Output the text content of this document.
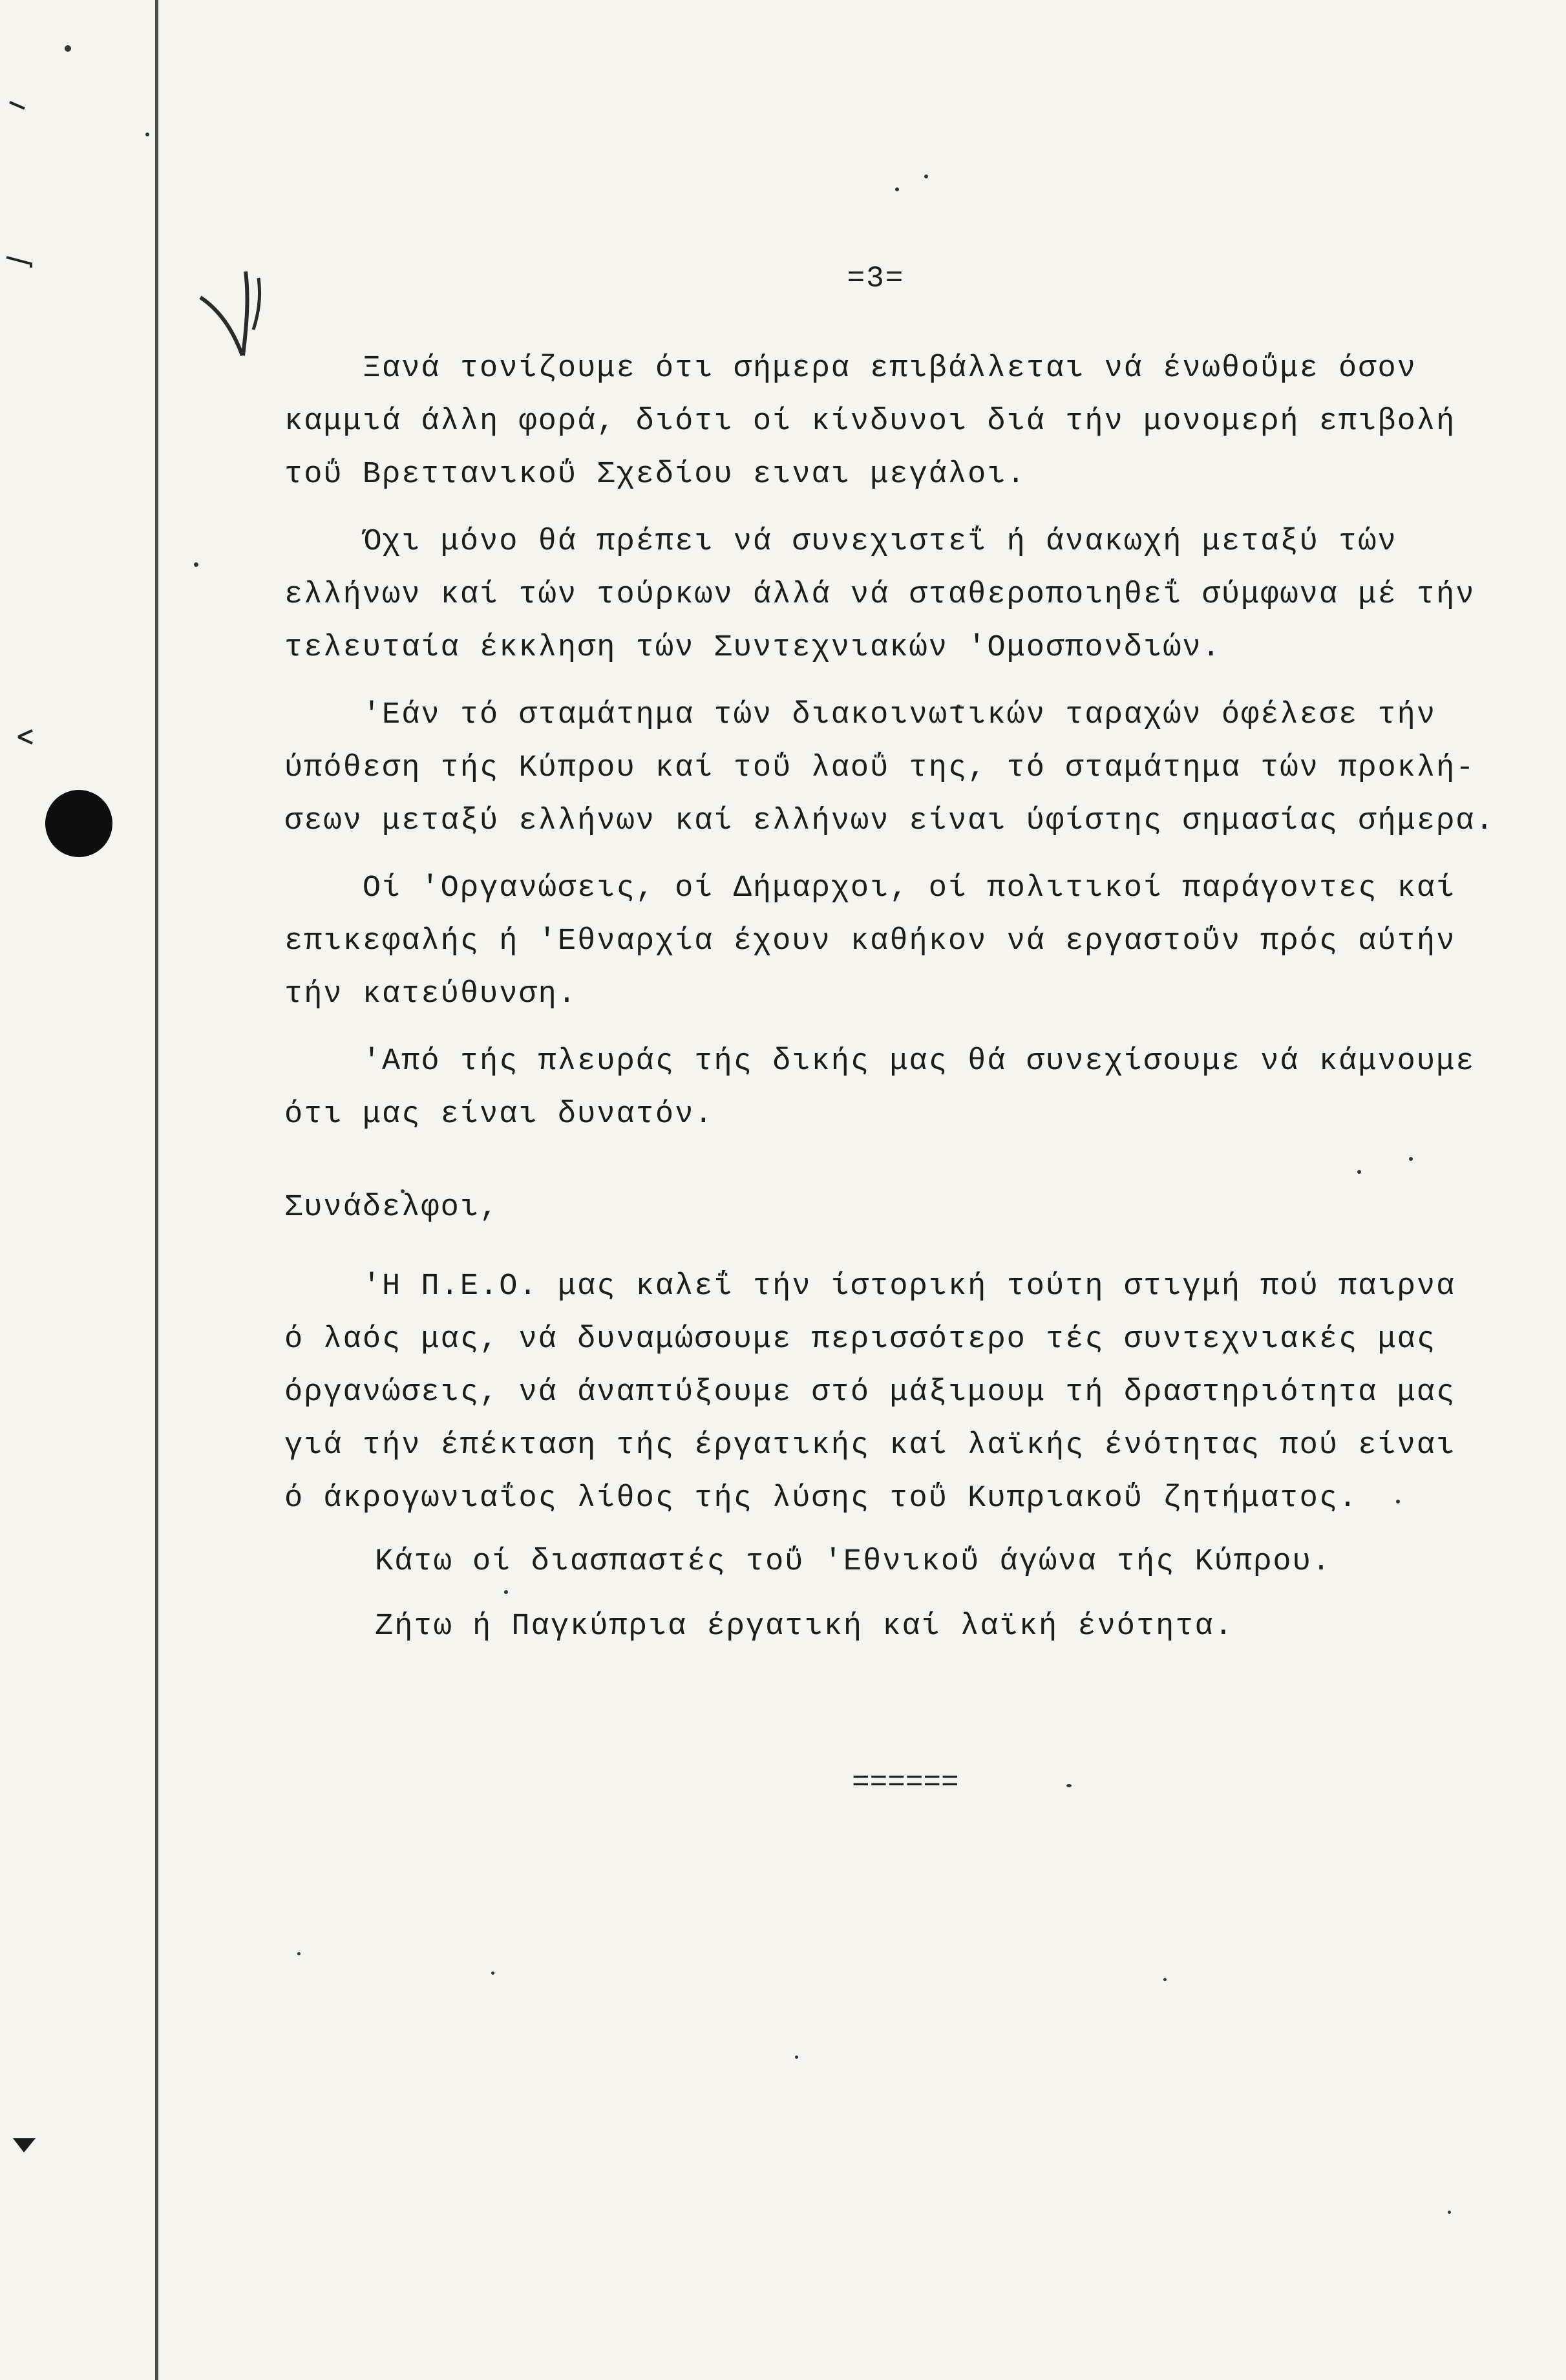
=3=
Ξανά τονίζουμε ότι σήμερα επιβάλλεται νά ένωθοΰμε όσον
καμμιά άλλη φορά, διότι οί κίνδυνοι διά τήν μονομερή επιβολή
τοΰ Βρεττανικοΰ Σχεδίου ειναι μεγάλοι.
Όχι μόνο θά πρέπει νά συνεχιστεΐ ή άνακωχή μεταξύ τών
ελλήνων καί τών τούρκων άλλά νά σταθεροποιηθεΐ σύμφωνα μέ τήν
τελευταία έκκληση τών Συντεχνιακών 'Ομοσπονδιών.
'Εάν τό σταμάτημα τών διακοινωτικών ταραχών όφέλεσε τήν
ύπόθεση τής Κύπρου καί τοΰ λαοΰ της, τό σταμάτημα τών προκλή-
σεων μεταξύ ελλήνων καί ελλήνων είναι ύφίστης σημασίας σήμερα.
Οί 'Οργανώσεις, οί Δήμαρχοι, οί πολιτικοί παράγοντες καί
επικεφαλής ή 'Εθναρχία έχουν καθήκον νά εργαστοΰν πρός αύτήν
τήν κατεύθυνση.
'Από τής πλευράς τής δικής μας θά συνεχίσουμε νά κάμνουμε
ότι μας είναι δυνατόν.
Συνάδελφοι,
'Η Π.Ε.Ο. μας καλεΐ τήν ίστορική τούτη στιγμή πού παιρνα
ό λαός μας, νά δυναμώσουμε περισσότερο τές συντεχνιακές μας
όργανώσεις, νά άναπτύξουμε στό μάξιμουμ τή δραστηριότητα μας
γιά τήν έπέκταση τής έργατικής καί λαϊκής ένότητας πού είναι
ό άκρογωνιαΐος λίθος τής λύσης τοΰ Κυπριακοΰ ζητήματος.
Κάτω οί διασπαστές τοΰ 'Εθνικοΰ άγώνα τής Κύπρου.
Ζήτω ή Παγκύπρια έργατική καί λαϊκή ένότητα.
======
